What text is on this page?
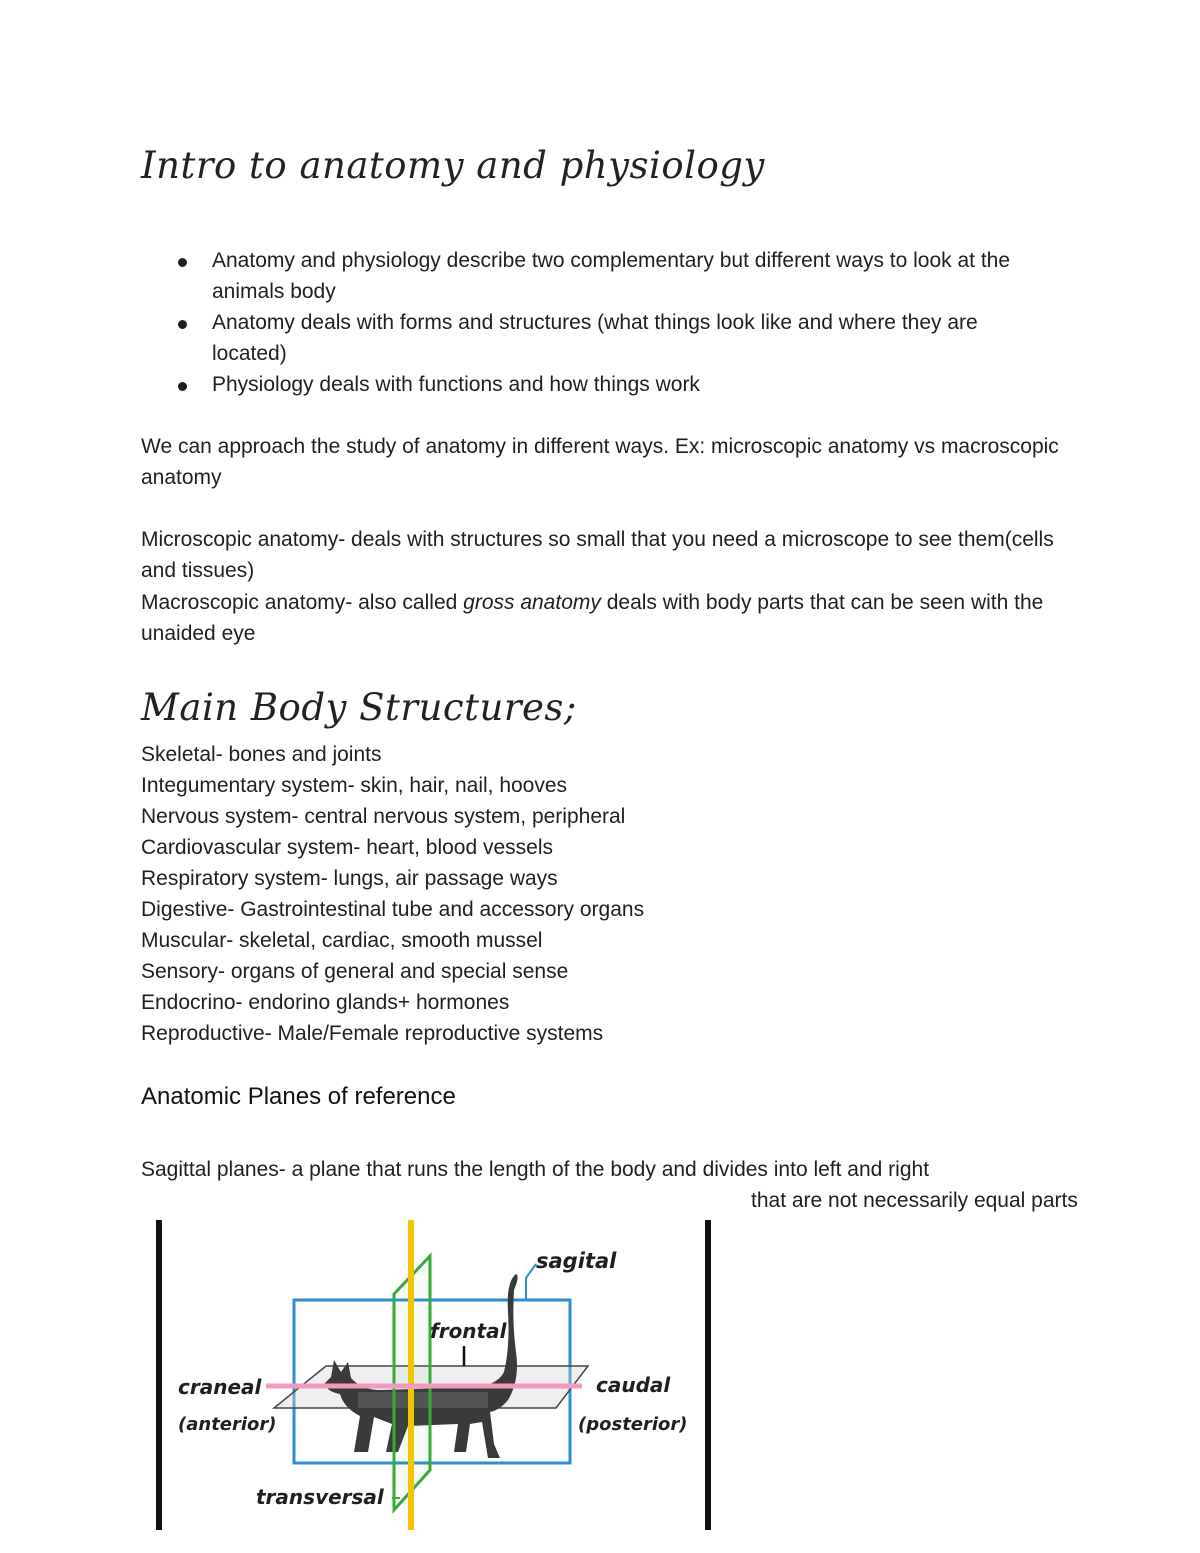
Intro to anatomy and physiology
Anatomy and physiology describe two complementary but different ways to look at the animals body
Anatomy deals with forms and structures (what things look like and where they are located)
Physiology deals with functions and how things work

We can approach the study of anatomy in different ways. Ex: microscopic anatomy vs macroscopic anatomy

Microscopic anatomy- deals with structures so small that you need a microscope to see them(cells and tissues)

Macroscopic anatomy- also called gross anatomy deals with body parts that can be seen with the unaided eye

Main Body Structures;
Skeletal- bones and joints
Integumentary system- skin, hair, nail, hooves
Nervous system- central nervous system, peripheral
Cardiovascular system- heart, blood vessels
Respiratory system- lungs, air passage ways
Digestive- Gastrointestinal tube and accessory organs
Muscular- skeletal, cardiac, smooth mussel
Sensory- organs of general and special sense
Endocrino- endorino glands+ hormones
Reproductive- Male/Female reproductive systems
Anatomic Planes of reference

Sagittal planes- a plane that runs the length of the body and divides into left and right

that are not necessarily equal parts

sagital
frontal
craneal
(anterior)
caudal
(posterior)
transversal
